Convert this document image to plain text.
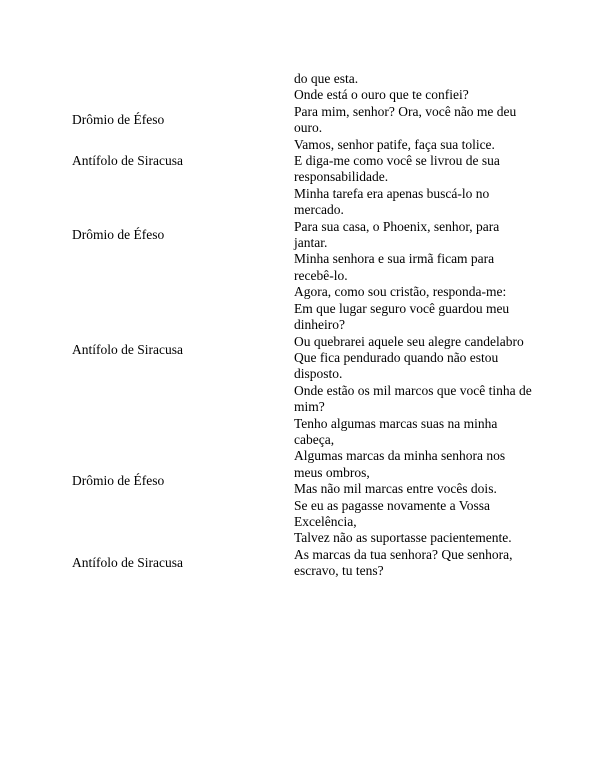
	do que esta.

	Onde está o ouro que te confiei?

Drômio de Éfeso	Para mim, senhor? Ora, você não me deu ouro.

Antífolo de Siracusa	Vamos, senhor patife, faça sua tolice.
E diga-me como você se livrou de sua responsabilidade.

Drômio de Éfeso	Minha tarefa era apenas buscá-lo no mercado.
Para sua casa, o Phoenix, senhor, para jantar.
Minha senhora e sua irmã ficam para recebê-lo.

Antífolo de Siracusa	Agora, como sou cristão, responda-me:
Em que lugar seguro você guardou meu dinheiro?
Ou quebrarei aquele seu alegre candelabro
Que fica pendurado quando não estou disposto.
Onde estão os mil marcos que você tinha de mim?

Drômio de Éfeso	Tenho algumas marcas suas na minha cabeça,
Algumas marcas da minha senhora nos meus ombros,
Mas não mil marcas entre vocês dois.
Se eu as pagasse novamente a Vossa Excelência,
Talvez não as suportasse pacientemente.

Antífolo de Siracusa	As marcas da tua senhora? Que senhora, escravo, tu tens?
